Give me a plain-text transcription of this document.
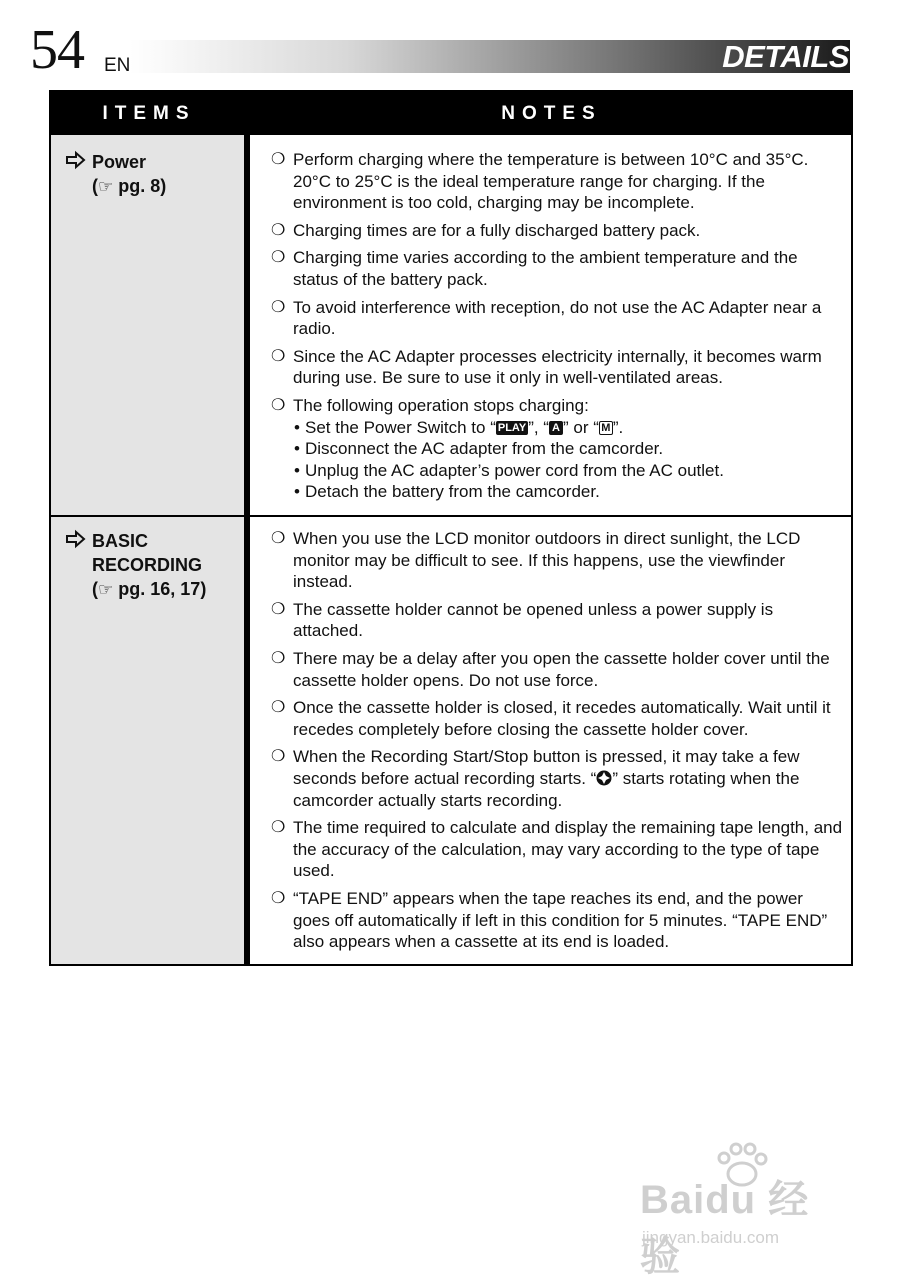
54 EN	DETAILS
ITEMS	NOTES
Power
(☞ pg. 8)
❍ Perform charging where the temperature is between 10°C and 35°C. 20°C to 25°C is the ideal temperature range for charging. If the environment is too cold, charging may be incomplete.
❍ Charging times are for a fully discharged battery pack.
❍ Charging time varies according to the ambient temperature and the status of the battery pack.
❍ To avoid interference with reception, do not use the AC Adapter near a radio.
❍ Since the AC Adapter processes electricity internally, it becomes warm during use. Be sure to use it only in well-ventilated areas.
❍ The following operation stops charging:
• Set the Power Switch to “ PLAY ”, “ A ” or “ M ”.
• Disconnect the AC adapter from the camcorder.
• Unplug the AC adapter’s power cord from the AC outlet.
• Detach the battery from the camcorder.
BASIC
RECORDING
(☞ pg. 16, 17)
❍ When you use the LCD monitor outdoors in direct sunlight, the LCD monitor may be difficult to see. If this happens, use the viewfinder instead.
❍ The cassette holder cannot be opened unless a power supply is attached.
❍ There may be a delay after you open the cassette holder cover until the cassette holder opens. Do not use force.
❍ Once the cassette holder is closed, it recedes automatically. Wait until it recedes completely before closing the cassette holder cover.
❍ When the Recording Start/Stop button is pressed, it may take a few seconds before actual recording starts. “ ” starts rotating when the camcorder actually starts recording.
❍ The time required to calculate and display the remaining tape length, and the accuracy of the calculation, may vary according to the type of tape used.
❍ “TAPE END” appears when the tape reaches its end, and the power goes off automatically if left in this condition for 5 minutes. “TAPE END” also appears when a cassette at its end is loaded.
Baidu 经验
jingyan.baidu.com
